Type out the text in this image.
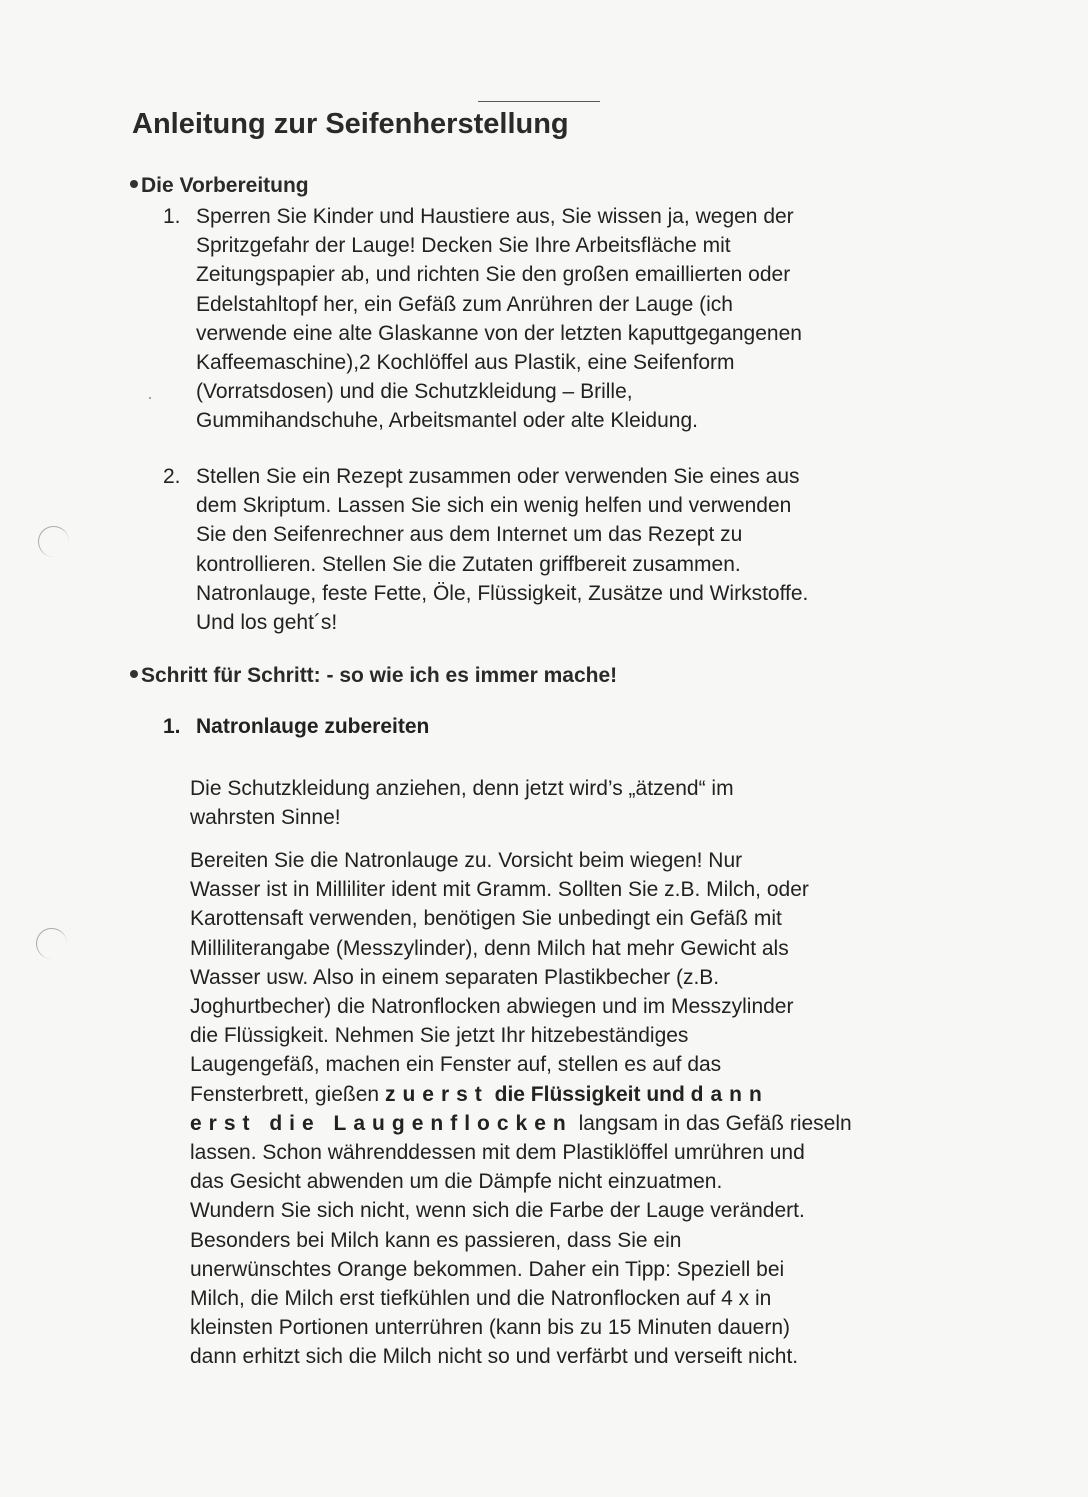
Anleitung zur Seifenherstellung
Die Vorbereitung
1. Sperren Sie Kinder und Haustiere aus, Sie wissen ja, wegen der
Spritzgefahr der Lauge! Decken Sie Ihre Arbeitsfläche mit
Zeitungspapier ab, und richten Sie den großen emaillierten oder
Edelstahltopf her, ein Gefäß zum Anrühren der Lauge (ich
verwende eine alte Glaskanne von der letzten kaputtgegangenen
Kaffeemaschine),2 Kochlöffel aus Plastik, eine Seifenform
(Vorratsdosen) und die Schutzkleidung – Brille,
Gummihandschuhe, Arbeitsmantel oder alte Kleidung.
2. Stellen Sie ein Rezept zusammen oder verwenden Sie eines aus
dem Skriptum. Lassen Sie sich ein wenig helfen und verwenden
Sie den Seifenrechner aus dem Internet um das Rezept zu
kontrollieren. Stellen Sie die Zutaten griffbereit zusammen.
Natronlauge, feste Fette, Öle, Flüssigkeit, Zusätze und Wirkstoffe.
Und los geht´s!
Schritt für Schritt: - so wie ich es immer mache!
1. Natronlauge zubereiten
Die Schutzkleidung anziehen, denn jetzt wird’s „ätzend“ im
wahrsten Sinne!
Bereiten Sie die Natronlauge zu. Vorsicht beim wiegen! Nur
Wasser ist in Milliliter ident mit Gramm. Sollten Sie z.B. Milch, oder
Karottensaft verwenden, benötigen Sie unbedingt ein Gefäß mit
Milliliterangabe (Messzylinder), denn Milch hat mehr Gewicht als
Wasser usw. Also in einem separaten Plastikbecher (z.B.
Joghurtbecher) die Natronflocken abwiegen und im Messzylinder
die Flüssigkeit. Nehmen Sie jetzt Ihr hitzebeständiges
Laugengefäß, machen ein Fenster auf, stellen es auf das
Fensterbrett, gießen zuerst die Flüssigkeit und dann
erst die Laugenflocken langsam in das Gefäß rieseln
lassen. Schon währenddessen mit dem Plastiklöffel umrühren und
das Gesicht abwenden um die Dämpfe nicht einzuatmen.
Wundern Sie sich nicht, wenn sich die Farbe der Lauge verändert.
Besonders bei Milch kann es passieren, dass Sie ein
unerwünschtes Orange bekommen. Daher ein Tipp: Speziell bei
Milch, die Milch erst tiefkühlen und die Natronflocken auf 4 x in
kleinsten Portionen unterrühren (kann bis zu 15 Minuten dauern)
dann erhitzt sich die Milch nicht so und verfärbt und verseift nicht.
